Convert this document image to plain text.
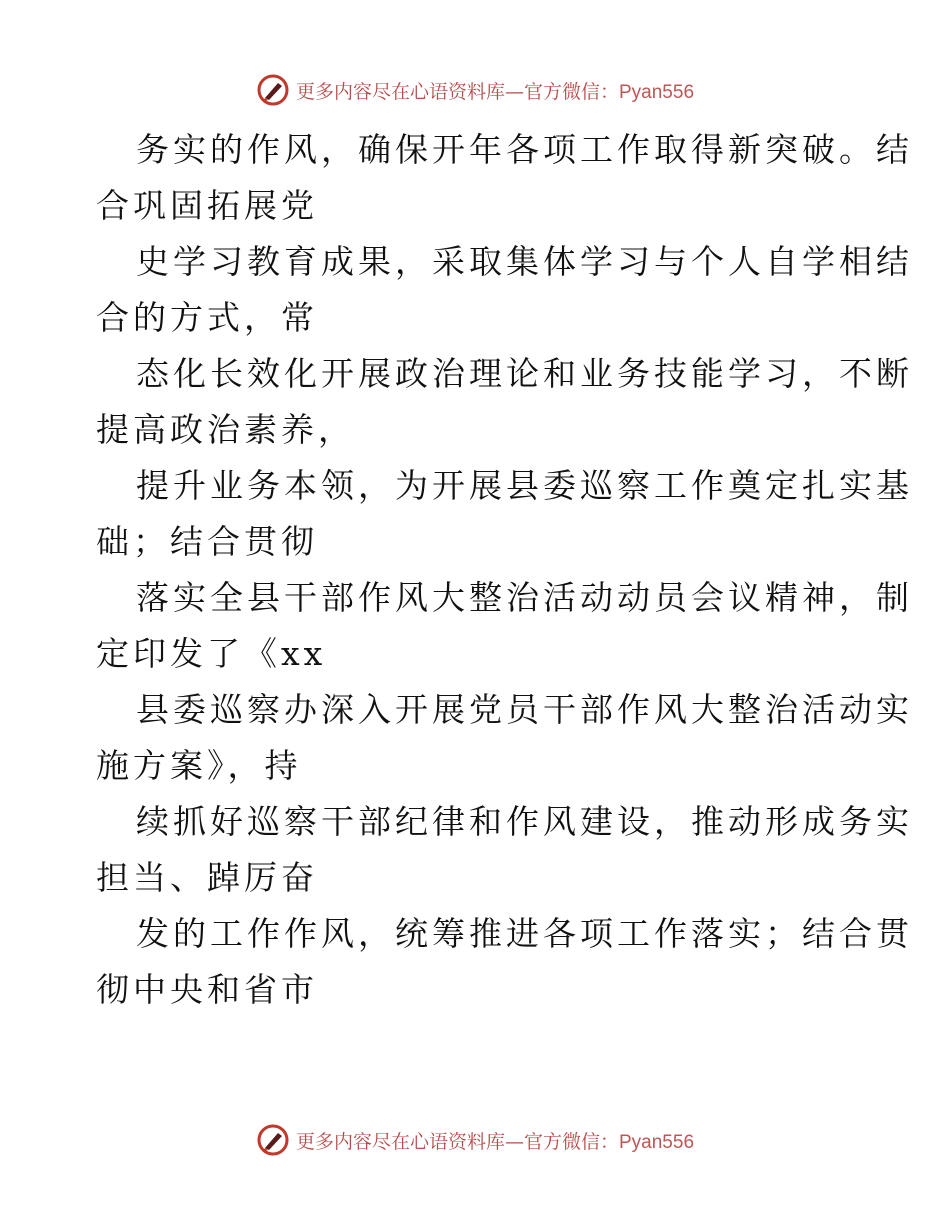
更多内容尽在心语资料库—官方微信：Pyan556
务实的作风，确保开年各项工作取得新突破。结
合巩固拓展党
史学习教育成果，采取集体学习与个人自学相结
合的方式，常
态化长效化开展政治理论和业务技能学习，不断
提高政治素养，
提升业务本领，为开展县委巡察工作奠定扎实基
础；结合贯彻
落实全县干部作风大整治活动动员会议精神，制
定印发了《xx
县委巡察办深入开展党员干部作风大整治活动实
施方案》，持
续抓好巡察干部纪律和作风建设，推动形成务实
担当、踔厉奋
发的工作作风，统筹推进各项工作落实；结合贯
彻中央和省市
更多内容尽在心语资料库—官方微信：Pyan556
